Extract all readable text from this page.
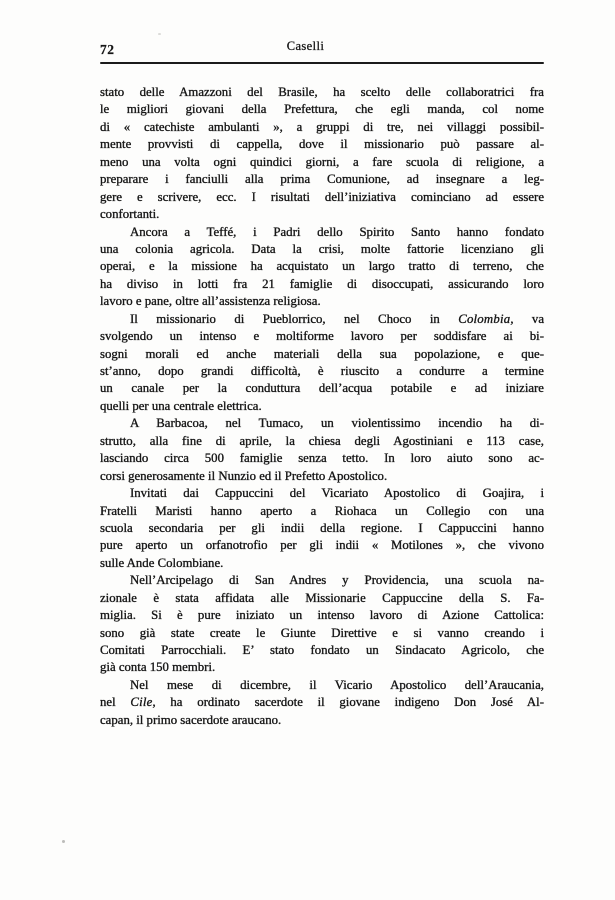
72	Caselli
stato delle Amazzoni del Brasile, ha scelto delle collaboratrici fra
le migliori giovani della Prefettura, che egli manda, col nome
di « catechiste ambulanti », a gruppi di tre, nei villaggi possibil-
mente provvisti di cappella, dove il missionario può passare al-
meno una volta ogni quindici giorni, a fare scuola di religione, a
preparare i fanciulli alla prima Comunione, ad insegnare a leg-
gere e scrivere, ecc. I risultati dell’iniziativa cominciano ad essere
confortanti.
Ancora a Teffé, i Padri dello Spirito Santo hanno fondato
una colonia agricola. Data la crisi, molte fattorie licenziano gli
operai, e la missione ha acquistato un largo tratto di terreno, che
ha diviso in lotti fra 21 famiglie di disoccupati, assicurando loro
lavoro e pane, oltre all’assistenza religiosa.
Il missionario di Pueblorrico, nel Choco in Colombia, va
svolgendo un intenso e moltiforme lavoro per soddisfare ai bi-
sogni morali ed anche materiali della sua popolazione, e que-
st’anno, dopo grandi difficoltà, è riuscito a condurre a termine
un canale per la conduttura dell’acqua potabile e ad iniziare
quelli per una centrale elettrica.
A Barbacoa, nel Tumaco, un violentissimo incendio ha di-
strutto, alla fine di aprile, la chiesa degli Agostiniani e 113 case,
lasciando circa 500 famiglie senza tetto. In loro aiuto sono ac-
corsi generosamente il Nunzio ed il Prefetto Apostolico.
Invitati dai Cappuccini del Vicariato Apostolico di Goajira, i
Fratelli Maristi hanno aperto a Riohaca un Collegio con una
scuola secondaria per gli indii della regione. I Cappuccini hanno
pure aperto un orfanotrofio per gli indii « Motilones », che vivono
sulle Ande Colombiane.
Nell’Arcipelago di San Andres y Providencia, una scuola na-
zionale è stata affidata alle Missionarie Cappuccine della S. Fa-
miglia. Si è pure iniziato un intenso lavoro di Azione Cattolica:
sono già state create le Giunte Direttive e si vanno creando i
Comitati Parrocchiali. E’ stato fondato un Sindacato Agricolo, che
già conta 150 membri.
Nel mese di dicembre, il Vicario Apostolico dell’Araucania,
nel Cile, ha ordinato sacerdote il giovane indigeno Don José Al-
capan, il primo sacerdote araucano.
